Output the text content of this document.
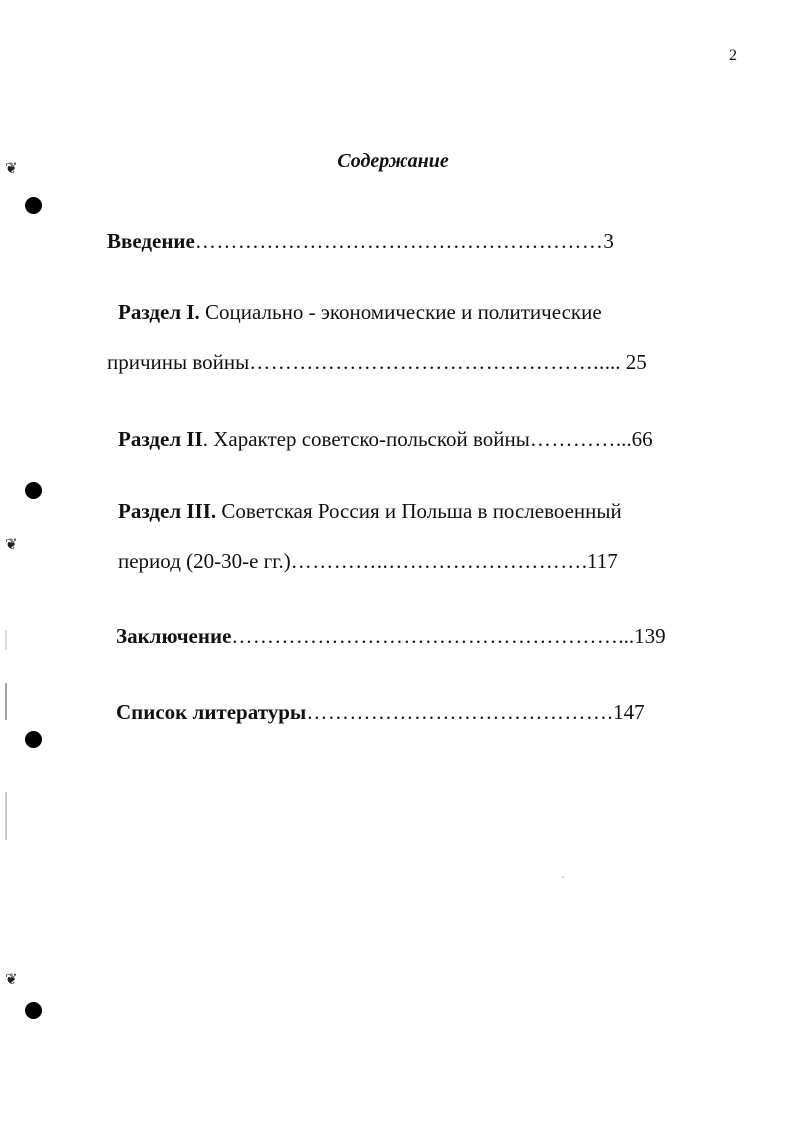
❦
❦
❦
2
Содержание
Введение…………………………………………………3
Раздел I. Социально - экономические и политические
причины войны…………………………………………..... 25
Раздел II. Характер советско-польской войны…………...66
Раздел III. Советская Россия и Польша в послевоенный
период (20-30-е гг.)…………..……………………….117
Заключение………………………………………………...139
Список литературы…………………………………….147
